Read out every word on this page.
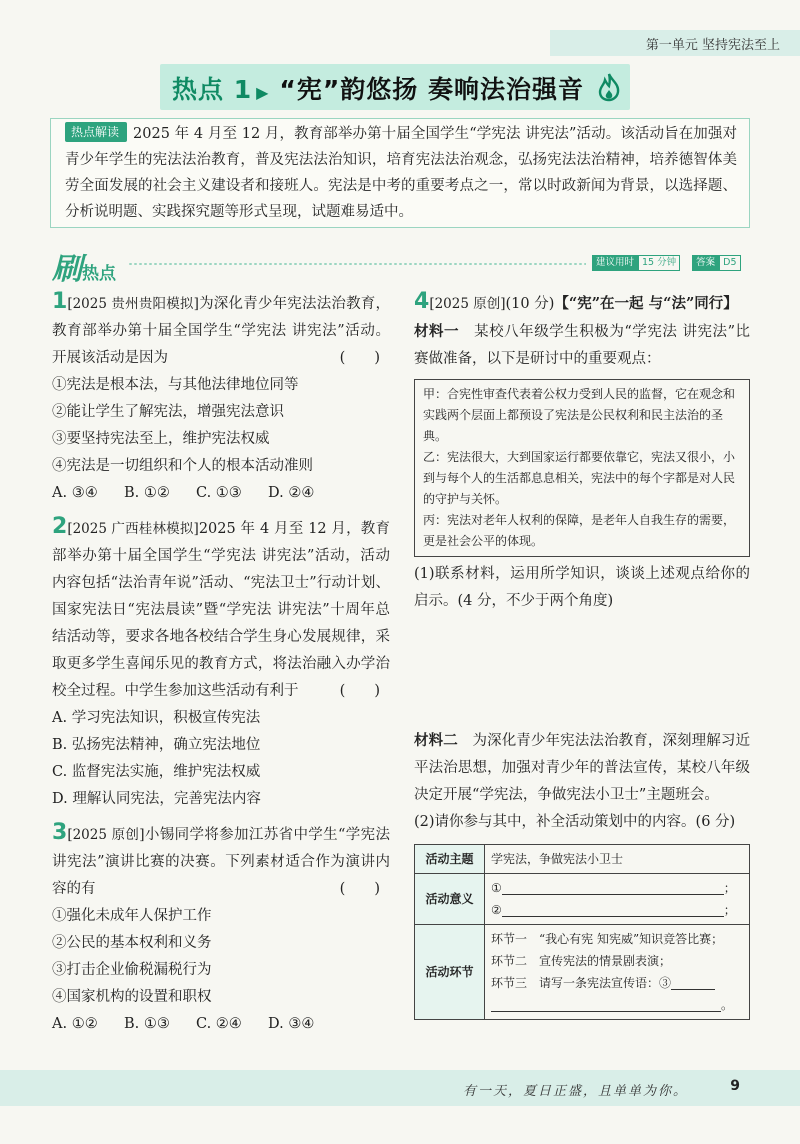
第一单元 坚持宪法至上
热点 1 ▶ “宪”韵悠扬 奏响法治强音
热点解读 2025 年 4 月至 12 月，教育部举办第十届全国学生“学宪法 讲宪法”活动。该活动旨在加强对青少年学生的宪法法治教育，普及宪法法治知识，培育宪法法治观念，弘扬宪法法治精神，培养德智体美劳全面发展的社会主义建设者和接班人。宪法是中考的重要考点之一，常以时政新闻为背景，以选择题、分析说明题、实践探究题等形式呈现，试题难易适中。
刷热点
建议用时 15 分钟 答案 D5
1[2025 贵州贵阳模拟]为深化青少年宪法法治教育，教育部举办第十届全国学生“学宪法 讲宪法”活动。开展该活动是因为	(　　)
①宪法是根本法，与其他法律地位同等
②能让学生了解宪法，增强宪法意识
③要坚持宪法至上，维护宪法权威
④宪法是一切组织和个人的根本活动准则
A. ③④ B. ①② C. ①③ D. ②④
2[2025 广西桂林模拟]2025 年 4 月至 12 月，教育部举办第十届全国学生“学宪法 讲宪法”活动，活动内容包括“法治青年说”活动、“宪法卫士”行动计划、国家宪法日“宪法晨读”暨“学宪法 讲宪法”十周年总结活动等，要求各地各校结合学生身心发展规律，采取更多学生喜闻乐见的教育方式，将法治融入办学治校全过程。中学生参加这些活动有利于	(　　)
A. 学习宪法知识，积极宣传宪法
B. 弘扬宪法精神，确立宪法地位
C. 监督宪法实施，维护宪法权威
D. 理解认同宪法，完善宪法内容
3[2025 原创]小锡同学将参加江苏省中学生“学宪法 讲宪法”演讲比赛的决赛。下列素材适合作为演讲内容的有	(　　)
①强化未成年人保护工作
②公民的基本权利和义务
③打击企业偷税漏税行为
④国家机构的设置和职权
A. ①② B. ①③ C. ②④ D. ③④
4[2025 原创](10 分)【“宪”在一起 与“法”同行】
材料一　 某校八年级学生积极为“学宪法 讲宪法”比赛做准备，以下是研讨中的重要观点：
甲：合宪性审查代表着公权力受到人民的监督，它在观念和实践两个层面上都预设了宪法是公民权利和民主法治的圣典。
乙：宪法很大，大到国家运行都要依靠它，宪法又很小，小到与每个人的生活都息息相关，宪法中的每个字都是对人民的守护与关怀。
丙：宪法对老年人权利的保障，是老年人自我生存的需要，更是社会公平的体现。
(1)联系材料，运用所学知识，谈谈上述观点给你的启示。(4 分，不少于两个角度)
材料二　 为深化青少年宪法法治教育，深刻理解习近平法治思想，加强对青少年的普法宣传，某校八年级决定开展“学宪法，争做宪法小卫士”主题班会。
(2)请你参与其中，补全活动策划中的内容。(6 分)
活动主题	学宪法，争做宪法小卫士
活动意义	① ；
② ；

活动环节	环节一　“我心有宪 知宪威”知识竞答比赛；
环节二　宣传宪法的情景剧表演；
环节三　请写一条宪法宣传语：③
。
有一天，夏日正盛，且单单为你。	9
